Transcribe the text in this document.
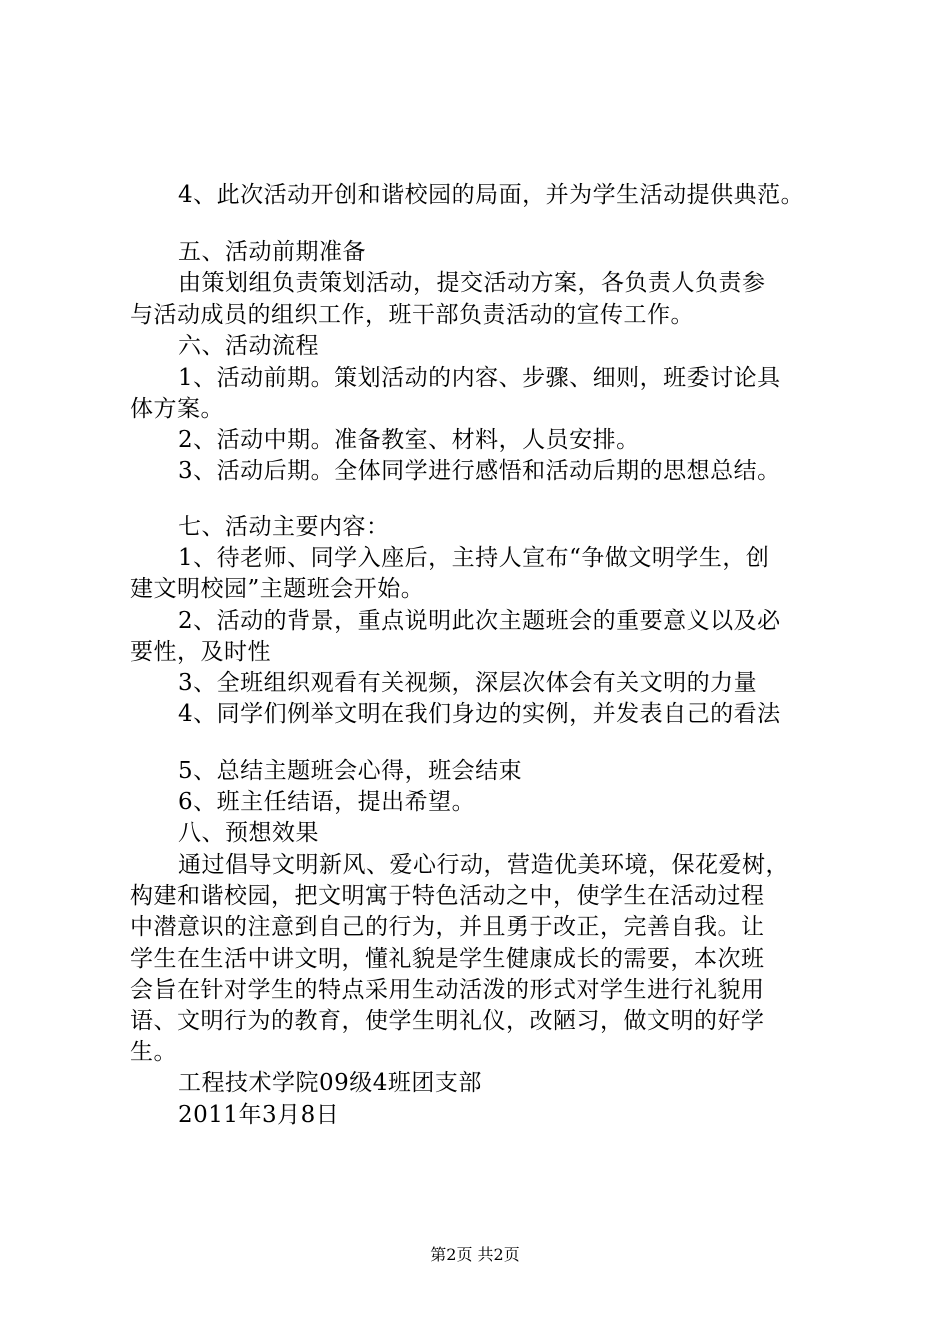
4、此次活动开创和谐校园的局面，并为学生活动提供典范。
五、活动前期准备
由策划组负责策划活动，提交活动方案，各负责人负责参
与活动成员的组织工作，班干部负责活动的宣传工作。
六、活动流程
1、活动前期。策划活动的内容、步骤、细则，班委讨论具
体方案。
2、活动中期。准备教室、材料，人员安排。
3、活动后期。全体同学进行感悟和活动后期的思想总结。
七、活动主要内容：
1、待老师、同学入座后，主持人宣布“争做文明学生，创
建文明校园”主题班会开始。
2、活动的背景，重点说明此次主题班会的重要意义以及必
要性，及时性
3、全班组织观看有关视频，深层次体会有关文明的力量
4、同学们例举文明在我们身边的实例，并发表自己的看法
5、总结主题班会心得，班会结束
6、班主任结语，提出希望。
八、预想效果
通过倡导文明新风、爱心行动，营造优美环境，保花爱树，
构建和谐校园，把文明寓于特色活动之中，使学生在活动过程
中潜意识的注意到自己的行为，并且勇于改正，完善自我。让
学生在生活中讲文明，懂礼貌是学生健康成长的需要，本次班
会旨在针对学生的特点采用生动活泼的形式对学生进行礼貌用
语、文明行为的教育，使学生明礼仪，改陋习，做文明的好学
生。
工程技术学院09级4班团支部
2011年3月8日
第2页 共2页
